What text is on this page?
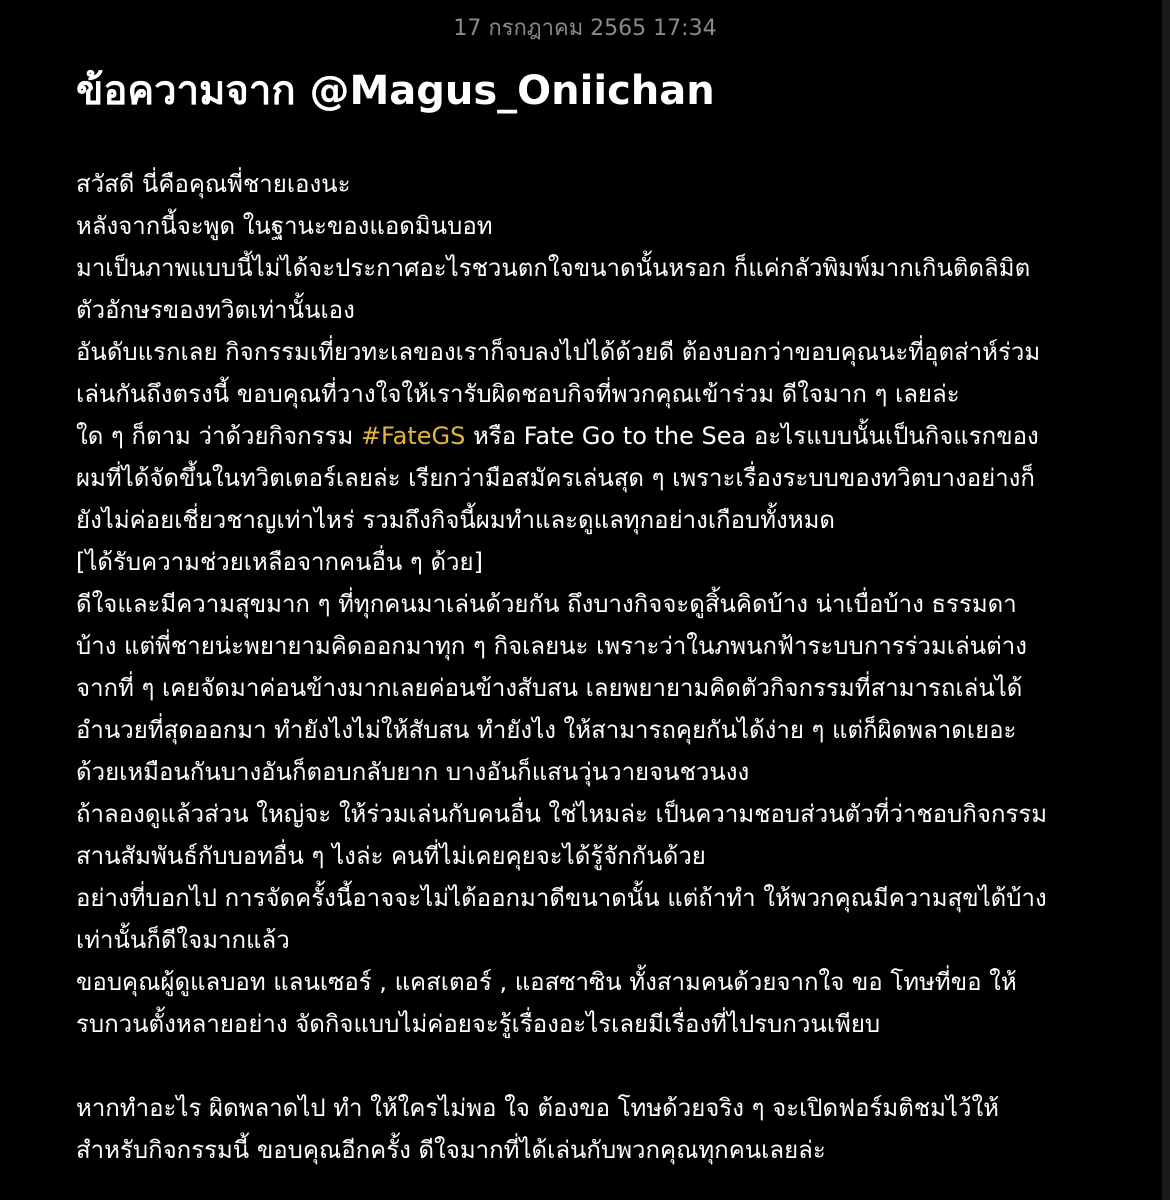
17 กรกฎาคม 2565 17:34
ข้อความจาก @Magus_Oniichan
สวัสดี นี่คือคุณพี่ชายเองนะ
หลังจากนี้จะพูด ในฐานะของแอดมินบอท
มาเป็นภาพแบบนี้ไม่ได้จะประกาศอะไรชวนตกใจขนาดนั้นหรอก ก็แค่กลัวพิมพ์มากเกินติดลิมิต
ตัวอักษรของทวิตเท่านั้นเอง
อันดับแรกเลย กิจกรรมเที่ยวทะเลของเราก็จบลงไปได้ด้วยดี ต้องบอกว่าขอบคุณนะที่อุตส่าห์ร่วม
เล่นกันถึงตรงนี้ ขอบคุณที่วางใจให้เรารับผิดชอบกิจที่พวกคุณเข้าร่วม ดีใจมาก ๆ เลยล่ะ
ใด ๆ ก็ตาม ว่าด้วยกิจกรรม #FateGS หรือ Fate Go to the Sea อะไรแบบนั้นเป็นกิจแรกของ
ผมที่ได้จัดขึ้นในทวิตเตอร์เลยล่ะ เรียกว่ามือสมัครเล่นสุด ๆ เพราะเรื่องระบบของทวิตบางอย่างก็
ยังไม่ค่อยเชี่ยวชาญเท่าไหร่ รวมถึงกิจนี้ผมทำและดูแลทุกอย่างเกือบทั้งหมด
[ได้รับความช่วยเหลือจากคนอื่น ๆ ด้วย]
ดีใจและมีความสุขมาก ๆ ที่ทุกคนมาเล่นด้วยกัน ถึงบางกิจจะดูสิ้นคิดบ้าง น่าเบื่อบ้าง ธรรมดา
บ้าง แต่พี่ชายน่ะพยายามคิดออกมาทุก ๆ กิจเลยนะ เพราะว่าในภพนกฟ้าระบบการร่วมเล่นต่าง
จากที่ ๆ เคยจัดมาค่อนข้างมากเลยค่อนข้างสับสน เลยพยายามคิดตัวกิจกรรมที่สามารถเล่นได้
อำนวยที่สุดออกมา ทำยังไงไม่ให้สับสน ทำยังไง ให้สามารถคุยกันได้ง่าย ๆ แต่ก็ผิดพลาดเยอะ
ด้วยเหมือนกันบางอันก็ตอบกลับยาก บางอันก็แสนวุ่นวายจนชวนงง
ถ้าลองดูแล้วส่วน ใหญ่จะ ให้ร่วมเล่นกับคนอื่น ใช่ไหมล่ะ เป็นความชอบส่วนตัวที่ว่าชอบกิจกรรม
สานสัมพันธ์กับบอทอื่น ๆ ไงล่ะ คนที่ไม่เคยคุยจะได้รู้จักกันด้วย
อย่างที่บอกไป การจัดครั้งนี้อาจจะไม่ได้ออกมาดีขนาดนั้น แต่ถ้าทำ ให้พวกคุณมีความสุขได้บ้าง
เท่านั้นก็ดีใจมากแล้ว
ขอบคุณผู้ดูแลบอท แลนเซอร์ , แคสเตอร์ , แอสซาซิน ทั้งสามคนด้วยจากใจ ขอ โทษที่ขอ ให้
รบกวนตั้งหลายอย่าง จัดกิจแบบไม่ค่อยจะรู้เรื่องอะไรเลยมีเรื่องที่ไปรบกวนเพียบ
หากทำอะไร ผิดพลาดไป ทำ ให้ใครไม่พอ ใจ ต้องขอ โทษด้วยจริง ๆ จะเปิดฟอร์มติชมไว้ให้
สำหรับกิจกรรมนี้ ขอบคุณอีกครั้ง ดีใจมากที่ได้เล่นกับพวกคุณทุกคนเลยล่ะ
